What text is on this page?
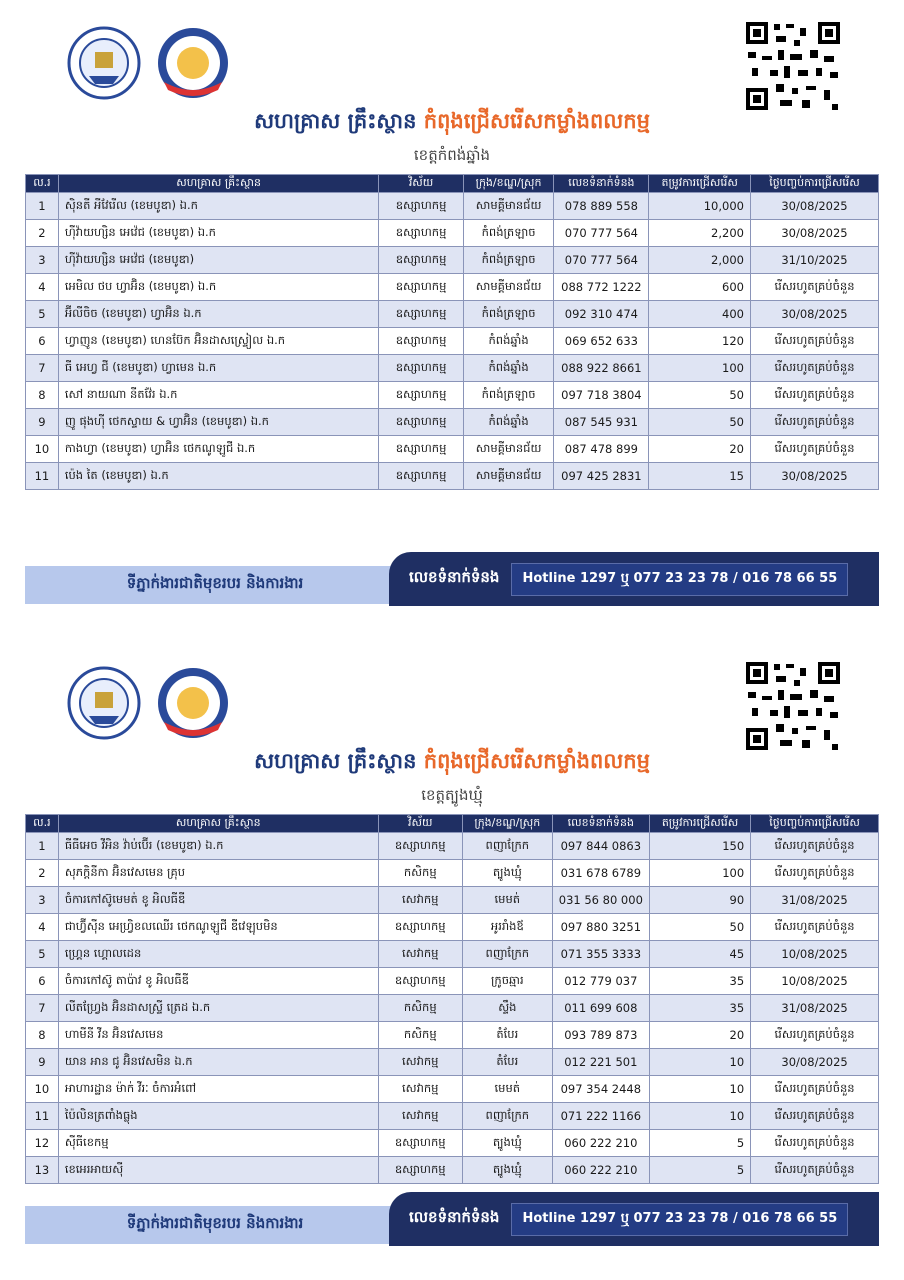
សហគ្រាស គ្រឹះស្ថាន កំពុងជ្រើសរើសកម្លាំងពលកម្ម
ខេត្តកំពង់ឆ្នាំង
ល.រ	សហគ្រាស គ្រឹះស្ថាន	វិស័យ	ក្រុង/ខណ្ឌ/ស្រុក	លេខទំនាក់ទំនង	តម្រូវការជ្រើសរើស	ថ្ងៃបញ្ចប់ការជ្រើសរើស
1	ស៊ិនតី អីវែរើល (ខេមបូឌា) ឯ.ក	ឧស្សាហកម្ម	សាមគ្គីមានជ័យ	078 889 558	10,000	30/08/2025
2	ហ៊ីវ៉ាយហ្សិន អេវ៉េជ (ខេមបូឌា) ឯ.ក	ឧស្សាហកម្ម	កំពង់ត្រឡាច	070 777 564	2,200	30/08/2025
3	ហ៊ីវ៉ាយហ្សិន អេវ៉េជ (ខេមបូឌា)	ឧស្សាហកម្ម	កំពង់ត្រឡាច	070 777 564	2,000	31/10/2025
4	អេមិល ថប ហ្វាអ៊ិន (ខេមបូឌា) ឯ.ក	ឧស្សាហកម្ម	សាមគ្គីមានជ័យ	088 772 1222	600	រើសរហូតគ្រប់ចំនួន
5	អ៊ីលីចិច (ខេមបូឌា) ហ្វាអ៊ិន ឯ.ក	ឧស្សាហកម្ម	កំពង់ត្រឡាច	092 310 474	400	30/08/2025
6	ហ្វាញូន (ខេមបូឌា) ហេនប៊ែក អ៊ិនដាសស្ទ្រៀល ឯ.ក	ឧស្សាហកម្ម	កំពង់ឆ្នាំង	069 652 633	120	រើសរហូតគ្រប់ចំនួន
7	ធី អេហ្វ ជី (ខេមបូឌា) ហ្វាមេន ឯ.ក	ឧស្សាហកម្ម	កំពង់ឆ្នាំង	088 922 8661	100	រើសរហូតគ្រប់ចំនួន
8	សៅ នាយណា នីតវ៉ែរ ឯ.ក	ឧស្សាហកម្ម	កំពង់ត្រឡាច	097 718 3804	50	រើសរហូតគ្រប់ចំនួន
9	ញូ ផុងហ៊ី ថេកស្ទាយ & ហ្វាអ៊ិន (ខេមបូឌា) ឯ.ក	ឧស្សាហកម្ម	កំពង់ឆ្នាំង	087 545 931	50	រើសរហូតគ្រប់ចំនួន
10	កាងហ្វា (ខេមបូឌា) ហ្វាអ៊ិន ថេកណូឡូជី ឯ.ក	ឧស្សាហកម្ម	សាមគ្គីមានជ័យ	087 478 899	20	រើសរហូតគ្រប់ចំនួន
11	ប៉េង តៃ (ខេមបូឌា) ឯ.ក	ឧស្សាហកម្ម	សាមគ្គីមានជ័យ	097 425 2831	15	30/08/2025
ទីភ្នាក់ងារជាតិមុខរបរ និងការងារ	លេខទំនាក់ទំនង	Hotline 1297 ឬ 077 23 23 78 / 016 78 66 55
សហគ្រាស គ្រឹះស្ថាន កំពុងជ្រើសរើសកម្លាំងពលកម្ម
ខេត្តត្បូងឃ្មុំ
ល.រ	សហគ្រាស គ្រឹះស្ថាន	វិស័យ	ក្រុង/ខណ្ឌ/ស្រុក	លេខទំនាក់ទំនង	តម្រូវការជ្រើសរើស	ថ្ងៃបញ្ចប់ការជ្រើសរើស
1	ធីធីអេច វីអិន វ៉ាប់ប៊ើរ (ខេមបូឌា) ឯ.ក	ឧស្សាហកម្ម	ពញាក្រែក	097 844 0863	150	រើសរហូតគ្រប់ចំនួន
2	សុភក្តិនីកា អ៊ិនវេសមេន គ្រុប	កសិកម្ម	ត្បូងឃ្មុំ	031 678 6789	100	រើសរហូតគ្រប់ចំនួន
3	ចំការកៅស៊ូមេមត់ ខូ អិលធីឌី	សេវាកម្ម	មេមត់	031 56 80 000	90	31/08/2025
4	ជាហ្វ៊ីស៊ីន អេហ្វ្រិខលឈើរ ថេកណូឡូជី ឌីវេឡុបមិន	ឧស្សាហកម្ម	អូររាំងឪ	097 880 3251	50	រើសរហូតគ្រប់ចំនួន
5	ហ្គ្រេន ហ្គោលដេន	សេវាកម្ម	ពញាក្រែក	071 355 3333	45	10/08/2025
6	ចំការកៅស៊ូ តាប៉ាវ ខូ អិលធីឌី	ឧស្សាហកម្ម	ក្រូចឆ្មារ	012 779 037	35	10/08/2025
7	លីតហ្វ្រែង អ៊ិនដាសស្ទ្រី ត្រេដ ឯ.ក	កសិកម្ម	ស្ទឹង	011 699 608	35	31/08/2025
8	ហាមីនី វីន អ៊ិនវេសមេន	កសិកម្ម	តំបែរ	093 789 873	20	រើសរហូតគ្រប់ចំនួន
9	យាន អាន ជូ អ៊ិនវេសមិន ឯ.ក	សេវាកម្ម	តំបែរ	012 221 501	10	30/08/2025
10	អាហារដ្ឋាន ម៉ាក់ វីរៈ ចំការអំពៅ	សេវាកម្ម	មេមត់	097 354 2448	10	រើសរហូតគ្រប់ចំនួន
11	ប៉ៃលិនត្រពាំងធ្លុង	សេវាកម្ម	ពញាក្រែក	071 222 1166	10	រើសរហូតគ្រប់ចំនួន
12	ស៊ីធីខេកម្ម	ឧស្សាហកម្ម	ត្បូងឃ្មុំ	060 222 210	5	រើសរហូតគ្រប់ចំនួន
13	ខេអេរអាយស៊ី	ឧស្សាហកម្ម	ត្បូងឃ្មុំ	060 222 210	5	រើសរហូតគ្រប់ចំនួន
ទីភ្នាក់ងារជាតិមុខរបរ និងការងារ	លេខទំនាក់ទំនង	Hotline 1297 ឬ 077 23 23 78 / 016 78 66 55
